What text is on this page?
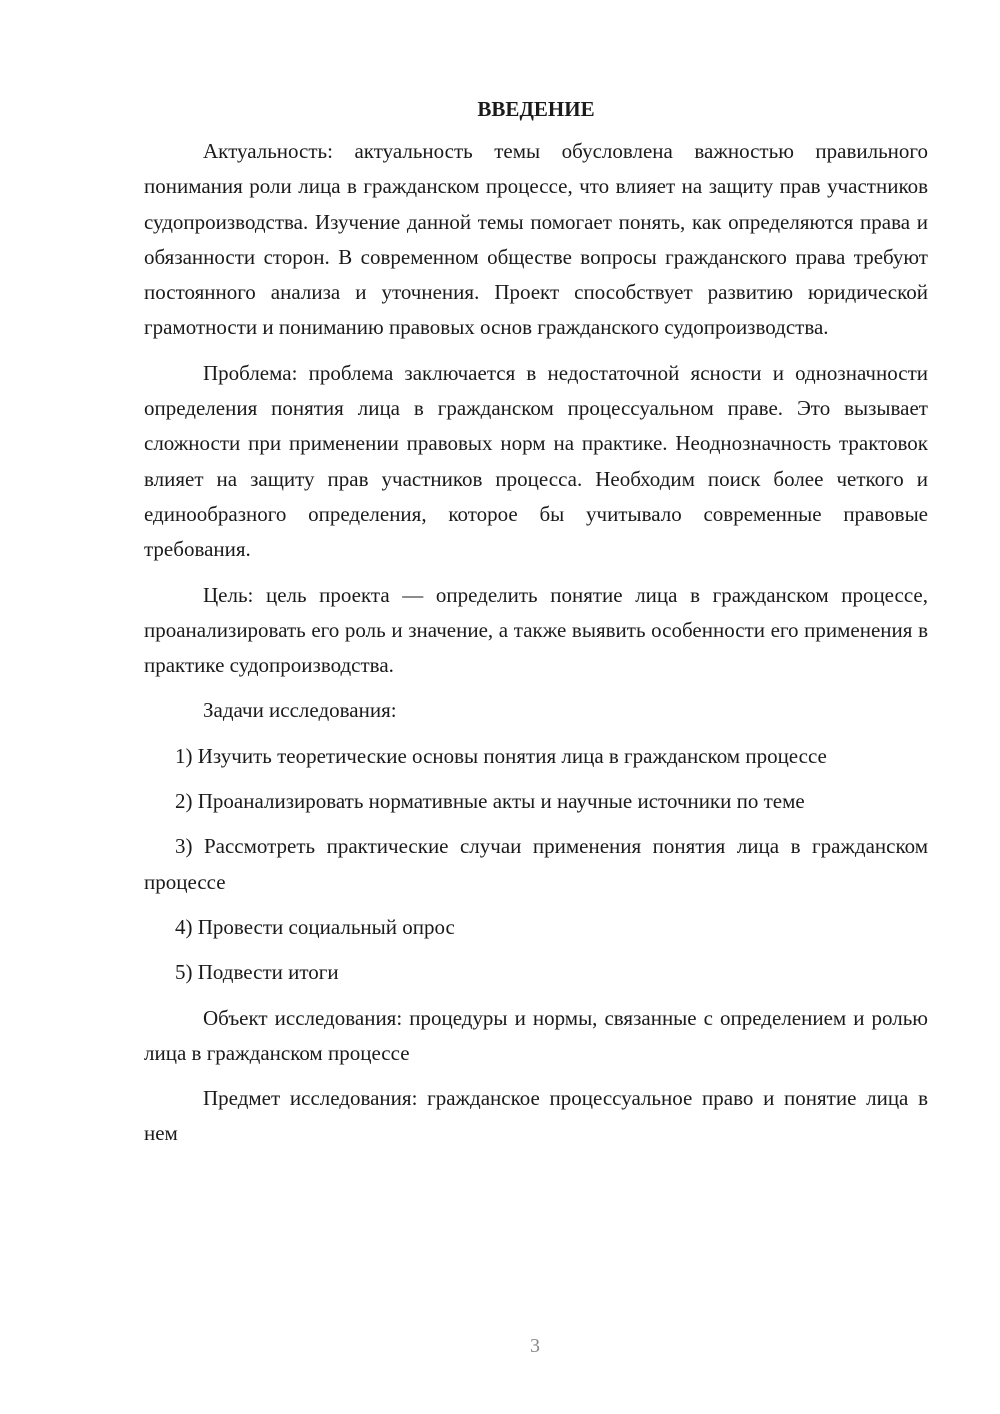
ВВЕДЕНИЕ

Актуальность: актуальность темы обусловлена важностью правильного понимания роли лица в гражданском процессе, что влияет на защиту прав участников судопроизводства. Изучение данной темы помогает понять, как определяются права и обязанности сторон. В современном обществе вопросы гражданского права требуют постоянного анализа и уточнения. Проект способствует развитию юридической грамотности и пониманию правовых основ гражданского судопроизводства.

Проблема: проблема заключается в недостаточной ясности и однозначности определения понятия лица в гражданском процессуальном праве. Это вызывает сложности при применении правовых норм на практике. Неоднозначность трактовок влияет на защиту прав участников процесса. Необходим поиск более четкого и единообразного определения, которое бы учитывало современные правовые требования.

Цель: цель проекта — определить понятие лица в гражданском процессе, проанализировать его роль и значение, а также выявить особенности его применения в практике судопроизводства.

Задачи исследования:

1) Изучить теоретические основы понятия лица в гражданском процессе

2) Проанализировать нормативные акты и научные источники по теме

3) Рассмотреть практические случаи применения понятия лица в гражданском процессе

4) Провести социальный опрос

5) Подвести итоги

Объект исследования: процедуры и нормы, связанные с определением и ролью лица в гражданском процессе

Предмет исследования: гражданское процессуальное право и понятие лица в нем

3
